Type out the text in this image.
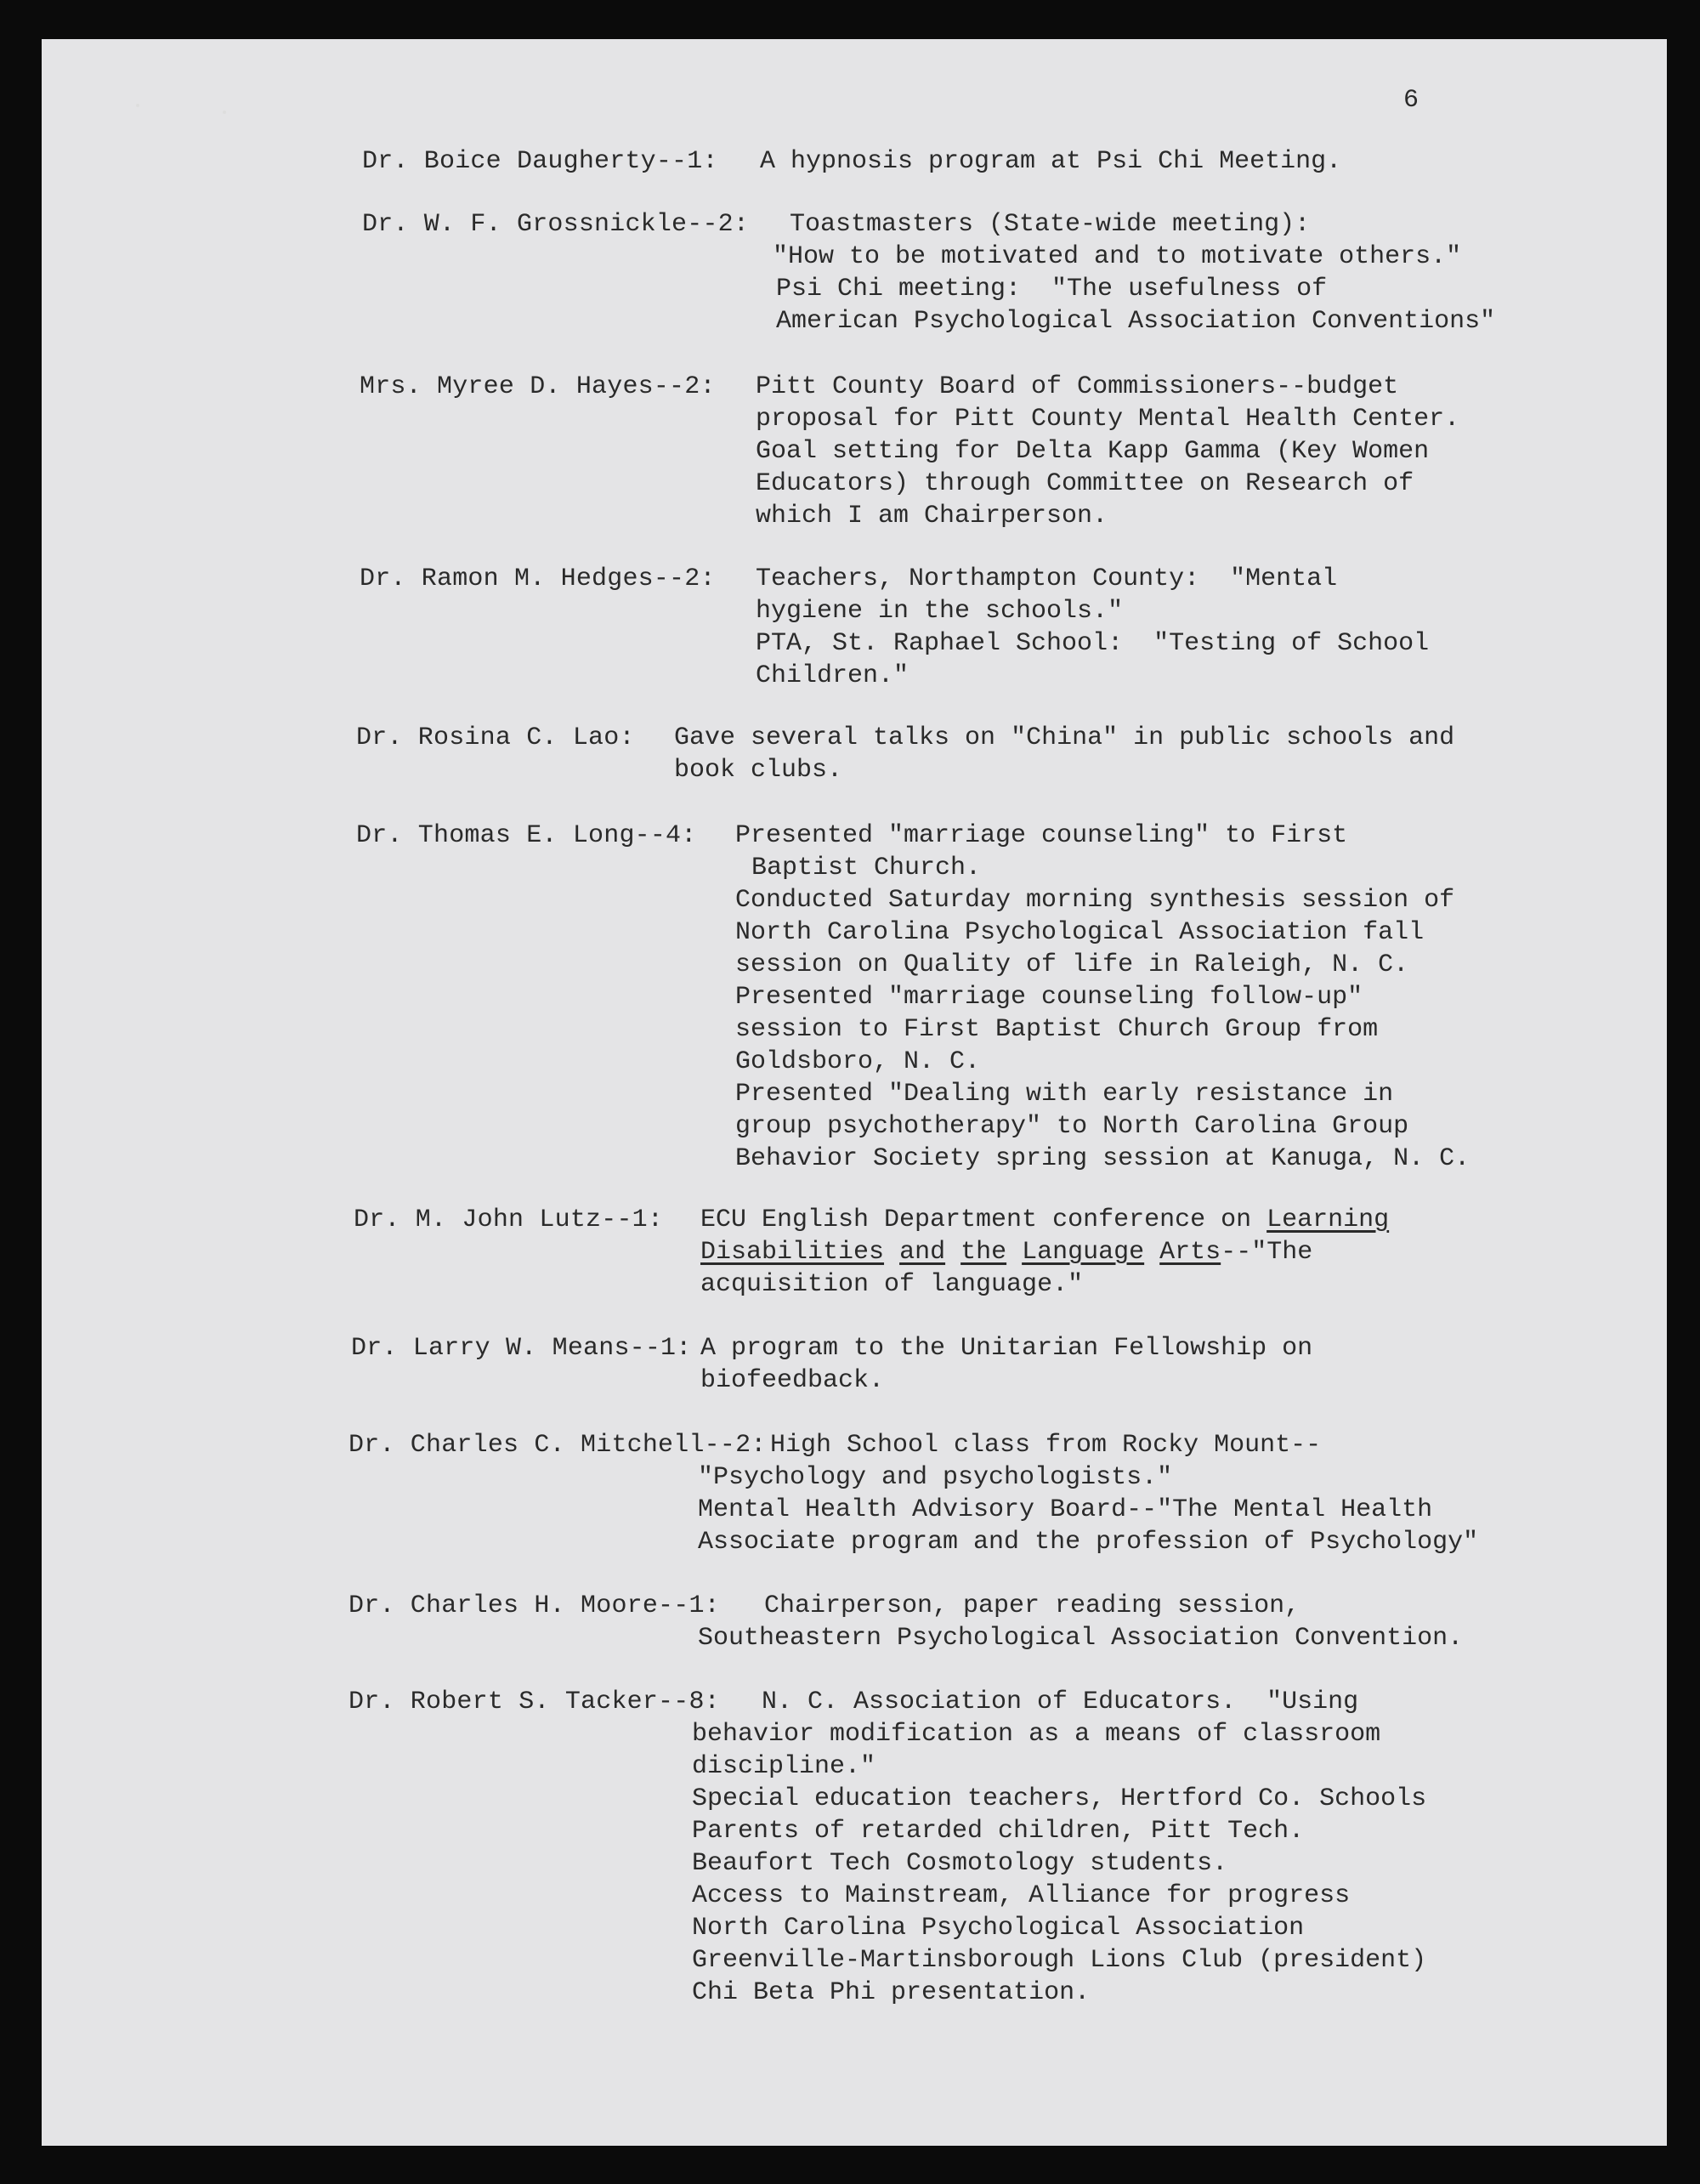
6
Dr. Boice Daugherty--1: A hypnosis program at Psi Chi Meeting.
Dr. W. F. Grossnickle--2: Toastmasters (State-wide meeting):
"How to be motivated and to motivate others."
Psi Chi meeting:  "The usefulness of
American Psychological Association Conventions"
Mrs. Myree D. Hayes--2: Pitt County Board of Commissioners--budget
proposal for Pitt County Mental Health Center.
Goal setting for Delta Kapp Gamma (Key Women
Educators) through Committee on Research of
which I am Chairperson.
Dr. Ramon M. Hedges--2: Teachers, Northampton County:  "Mental
hygiene in the schools."
PTA, St. Raphael School:  "Testing of School
Children."
Dr. Rosina C. Lao: Gave several talks on "China" in public schools and
book clubs.
Dr. Thomas E. Long--4: Presented "marriage counseling" to First
Baptist Church.
Conducted Saturday morning synthesis session of
North Carolina Psychological Association fall
session on Quality of life in Raleigh, N. C.
Presented "marriage counseling follow-up"
session to First Baptist Church Group from
Goldsboro, N. C.
Presented "Dealing with early resistance in
group psychotherapy" to North Carolina Group
Behavior Society spring session at Kanuga, N. C.
Dr. M. John Lutz--1: ECU English Department conference on Learning
Disabilities and the Language Arts--"The
acquisition of language."
Dr. Larry W. Means--1: A program to the Unitarian Fellowship on
biofeedback.
Dr. Charles C. Mitchell--2: High School class from Rocky Mount--
"Psychology and psychologists."
Mental Health Advisory Board--"The Mental Health
Associate program and the profession of Psychology"
Dr. Charles H. Moore--1: Chairperson, paper reading session,
Southeastern Psychological Association Convention.
Dr. Robert S. Tacker--8: N. C. Association of Educators.  "Using
behavior modification as a means of classroom
discipline."
Special education teachers, Hertford Co. Schools
Parents of retarded children, Pitt Tech.
Beaufort Tech Cosmotology students.
Access to Mainstream, Alliance for progress
North Carolina Psychological Association
Greenville-Martinsborough Lions Club (president)
Chi Beta Phi presentation.
